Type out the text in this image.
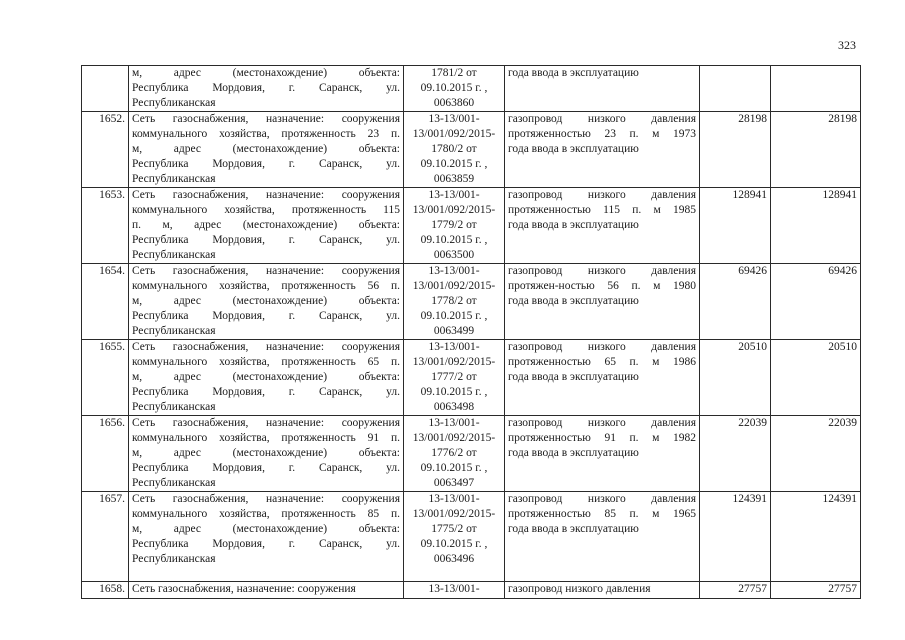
323

	м, адрес (местонахождение) объекта:
Республика Мордовия, г. Саранск, ул.
Республиканская	1781/2 от
09.10.2015 г. ,
0063860	года ввода в эксплуатацию		

1652.	Сеть газоснабжения, назначение: сооружения
коммунального хозяйства, протяженность 23 п.
м, адрес (местонахождение) объекта:
Республика Мордовия, г. Саранск, ул.
Республиканская	13-13/001-
13/001/092/2015-
1780/2 от
09.10.2015 г. ,
0063859	газопровод низкого давления
протяженностью 23 п. м 1973
года ввода в эксплуатацию	28198	28198
1653.	Сеть газоснабжения, назначение: сооружения
коммунального хозяйства, протяженность 115
п. м, адрес (местонахождение) объекта:
Республика Мордовия, г. Саранск, ул.
Республиканская	13-13/001-
13/001/092/2015-
1779/2 от
09.10.2015 г. ,
0063500	газопровод низкого давления
протяженностью 115 п. м 1985
года ввода в эксплуатацию	128941	128941
1654.	Сеть газоснабжения, назначение: сооружения
коммунального хозяйства, протяженность 56 п.
м, адрес (местонахождение) объекта:
Республика Мордовия, г. Саранск, ул.
Республиканская	13-13/001-
13/001/092/2015-
1778/2 от
09.10.2015 г. ,
0063499	газопровод низкого давления
протяжен-ностью 56 п. м 1980
года ввода в эксплуатацию	69426	69426
1655.	Сеть газоснабжения, назначение: сооружения
коммунального хозяйства, протяженность 65 п.
м, адрес (местонахождение) объекта:
Республика Мордовия, г. Саранск, ул.
Республиканская	13-13/001-
13/001/092/2015-
1777/2 от
09.10.2015 г. ,
0063498	газопровод низкого давления
протяженностью 65 п. м 1986
года ввода в эксплуатацию	20510	20510
1656.	Сеть газоснабжения, назначение: сооружения
коммунального хозяйства, протяженность 91 п.
м, адрес (местонахождение) объекта:
Республика Мордовия, г. Саранск, ул.
Республиканская	13-13/001-
13/001/092/2015-
1776/2 от
09.10.2015 г. ,
0063497	газопровод низкого давления
протяженностью 91 п. м 1982
года ввода в эксплуатацию	22039	22039
1657.	Сеть газоснабжения, назначение: сооружения
коммунального хозяйства, протяженность 85 п.
м, адрес (местонахождение) объекта:
Республика Мордовия, г. Саранск, ул.
Республиканская	13-13/001-
13/001/092/2015-
1775/2 от
09.10.2015 г. ,
0063496	газопровод низкого давления
протяженностью 85 п. м 1965
года ввода в эксплуатацию	124391	124391
1658.	Сеть газоснабжения, назначение: сооружения	13-13/001-	газопровод низкого давления	27757	27757
